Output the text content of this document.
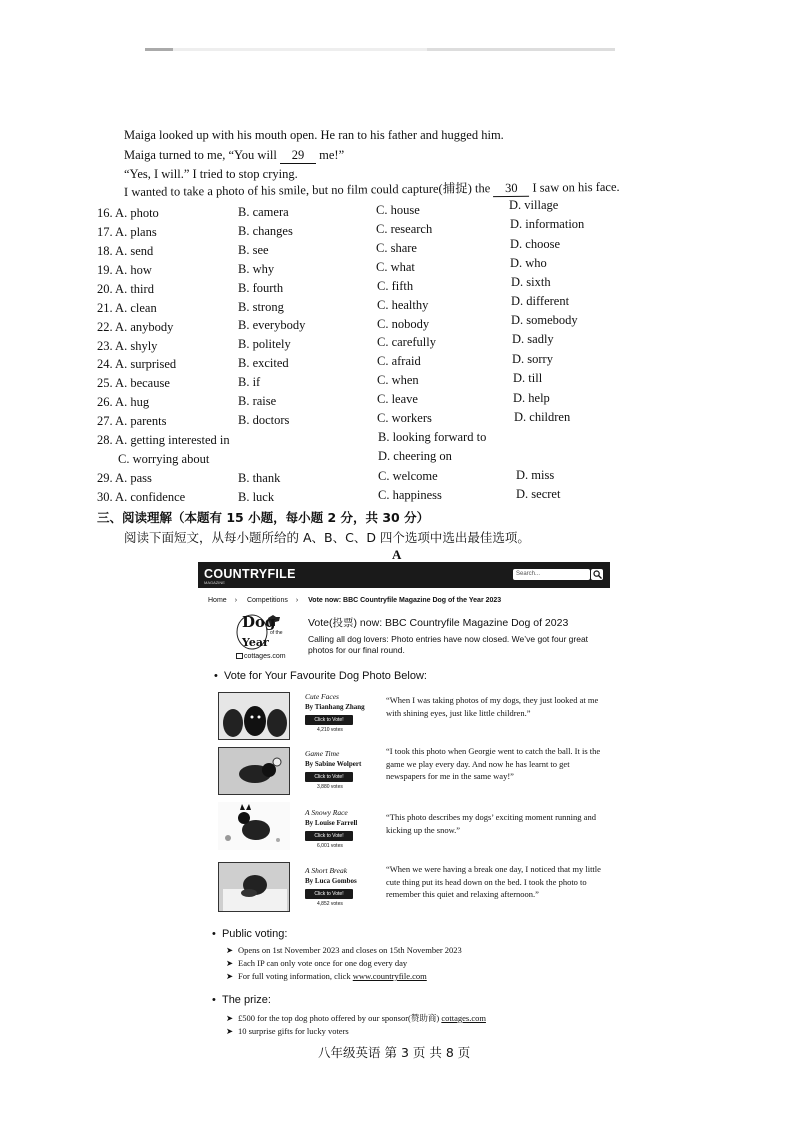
Maiga looked up with his mouth open. He ran to his father and hugged him.

Maiga turned to me, “You will 29 me!”

“Yes, I will.” I tried to stop crying.

I wanted to take a photo of his smile, but no film could capture(捕捉) the 30 I saw on his face.

16. A. photo	B. camera	C. house	D. village
17. A. plans	B. changes	C. research	D. information
18. A. send	B. see	C. share	D. choose
19. A. how	B. why	C. what	D. who
20. A. third	B. fourth	C. fifth	D. sixth
21. A. clean	B. strong	C. healthy	D. different
22. A. anybody	B. everybody	C. nobody	D. somebody
23. A. shyly	B. politely	C. carefully	D. sadly
24. A. surprised	B. excited	C. afraid	D. sorry
25. A. because	B. if	C. when	D. till
26. A. hug	B. raise	C. leave	D. help
27. A. parents	B. doctors	C. workers	D. children
28. A. getting interested in	B. looking forward to
C. worrying about	D. cheering on
29. A. pass	B. thank	C. welcome	D. miss
30. A. confidence	B. luck	C. happiness	D. secret
三、阅读理解（本题有 15 小题，每小题 2 分，共 30 分）
阅读下面短文，从每小题所给的 A、B、C、D 四个选项中选出最佳选项。
A
COUNTRYFILE
MAGAZINE
Search...
Home › Competitions › Vote now: BBC Countryfile Magazine Dog of the Year 2023
Dog
of the
Year
cottages.com
Vote(投票) now: BBC Countryfile Magazine Dog of 2023
Calling all dog lovers: Photo entries have now closed. We’ve got four great photos for our final round.
•  Vote for Your Favourite Dog Photo Below:
Cute Faces
By Tianhang Zhang
Click to Vote!
4,210 votes
“When I was taking photos of my dogs, they just looked at me with shining eyes, just like little children.”
Game Time
By Sabine Wolpert
Click to Vote!
3,880 votes
“I took this photo when Georgie went to catch the ball. It is the game we play every day. And now he has learnt to get newspapers for me in the same way!”
A Snowy Race
By Louise Farrell
Click to Vote!
6,001 votes
“This photo describes my dogs’ exciting moment running and kicking up the snow.”
A Short Break
By Luca Gombos
Click to Vote!
4,852 votes
“When we were having a break one day, I noticed that my little cute thing put its head down on the bed. I took the photo to remember this quiet and relaxing afternoon.”
•  Public voting:
➤ Opens on 1st November 2023 and closes on 15th November 2023
➤ Each IP can only vote once for one dog every day
➤ For full voting information, click www.countryfile.com
•  The prize:
➤ £500 for the top dog photo offered by our sponsor(赞助商) cottages.com
➤ 10 surprise gifts for lucky voters
八年级英语 第 3 页 共 8 页
